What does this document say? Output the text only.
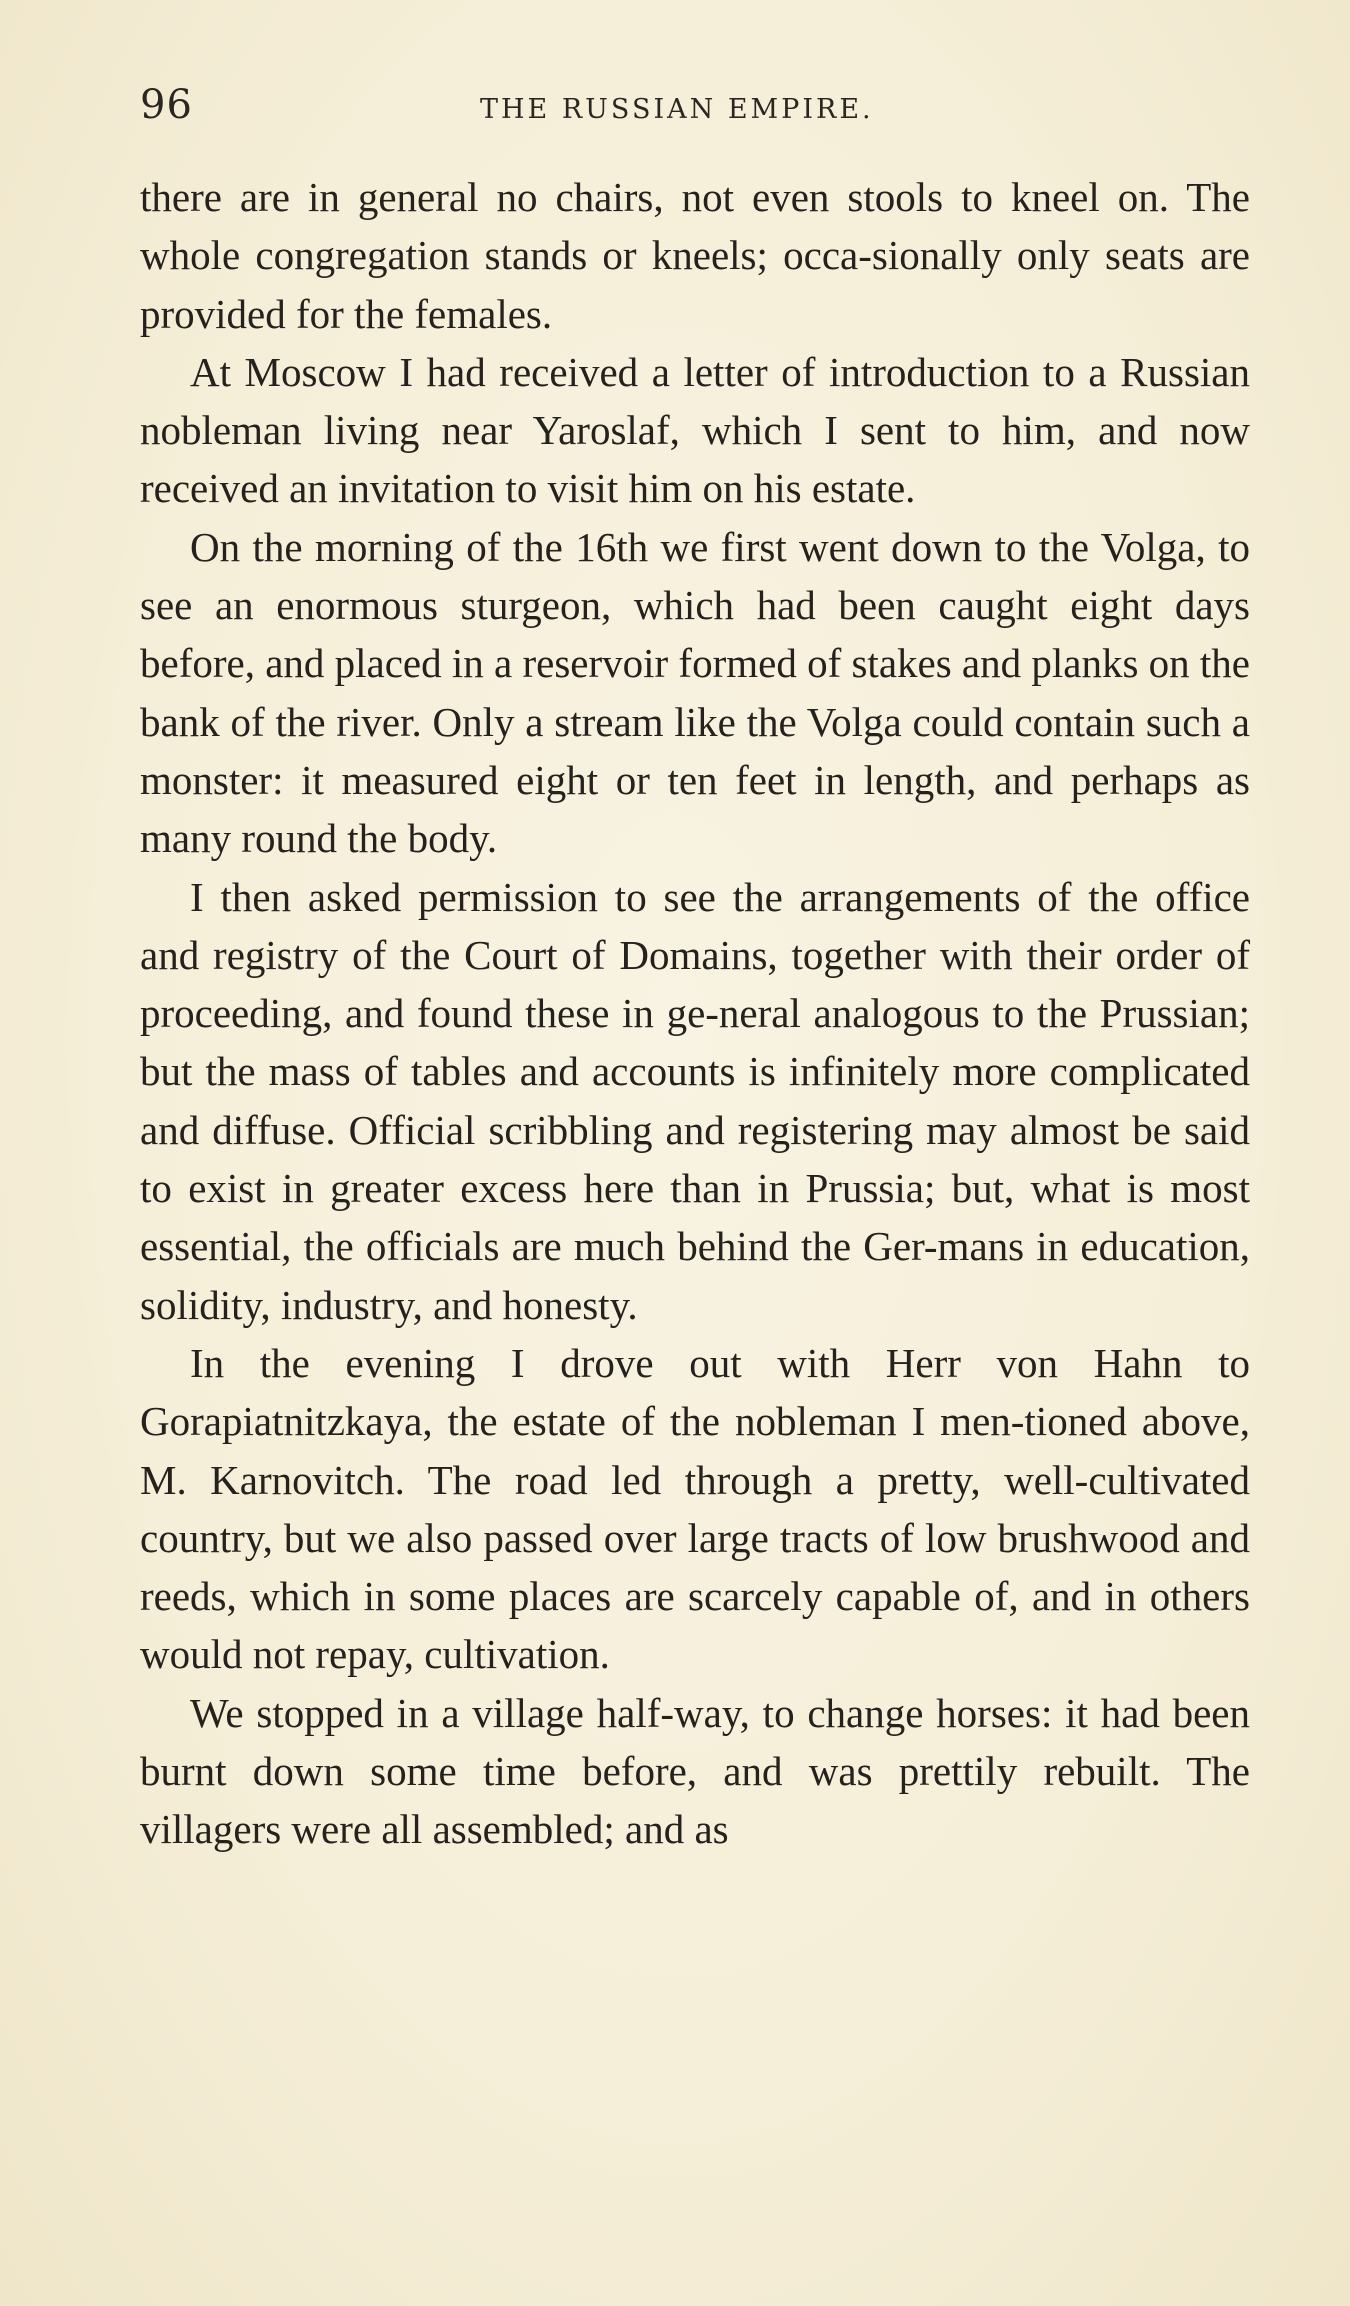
96	THE RUSSIAN EMPIRE.

there are in general no chairs, not even stools to kneel on. The whole congregation stands or kneels; occa-sionally only seats are provided for the females.

At Moscow I had received a letter of introduction to a Russian nobleman living near Yaroslaf, which I sent to him, and now received an invitation to visit him on his estate.

On the morning of the 16th we first went down to the Volga, to see an enormous sturgeon, which had been caught eight days before, and placed in a reservoir formed of stakes and planks on the bank of the river. Only a stream like the Volga could contain such a monster: it measured eight or ten feet in length, and perhaps as many round the body.

I then asked permission to see the arrangements of the office and registry of the Court of Domains, together with their order of proceeding, and found these in ge-neral analogous to the Prussian; but the mass of tables and accounts is infinitely more complicated and diffuse. Official scribbling and registering may almost be said to exist in greater excess here than in Prussia; but, what is most essential, the officials are much behind the Ger-mans in education, solidity, industry, and honesty.

In the evening I drove out with Herr von Hahn to Gorapiatnitzkaya, the estate of the nobleman I men-tioned above, M. Karnovitch. The road led through a pretty, well-cultivated country, but we also passed over large tracts of low brushwood and reeds, which in some places are scarcely capable of, and in others would not repay, cultivation.

We stopped in a village half-way, to change horses: it had been burnt down some time before, and was prettily rebuilt. The villagers were all assembled; and as
